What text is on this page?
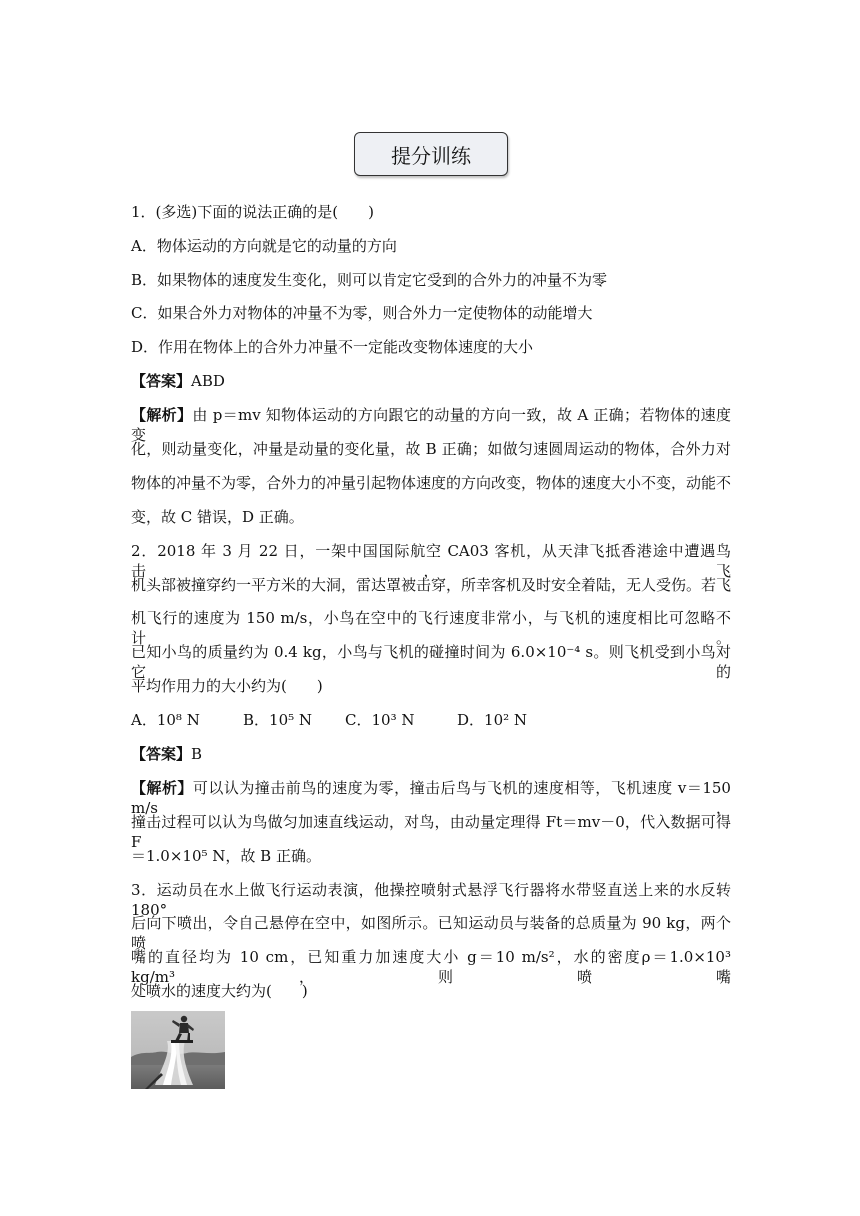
提分训练
1．(多选)下面的说法正确的是(　　)
A．物体运动的方向就是它的动量的方向
B．如果物体的速度发生变化，则可以肯定它受到的合外力的冲量不为零
C．如果合外力对物体的冲量不为零，则合外力一定使物体的动能增大
D．作用在物体上的合外力冲量不一定能改变物体速度的大小
【答案】ABD
【解析】由 p＝mv 知物体运动的方向跟它的动量的方向一致，故 A 正确；若物体的速度变
化，则动量变化，冲量是动量的变化量，故 B 正确；如做匀速圆周运动的物体，合外力对
物体的冲量不为零，合外力的冲量引起物体速度的方向改变，物体的速度大小不变，动能不
变，故 C 错误，D 正确。
2．2018 年 3 月 22 日，一架中国国际航空 CA03 客机，从天津飞抵香港途中遭遇鸟击，飞
机头部被撞穿约一平方米的大洞，雷达罩被击穿，所幸客机及时安全着陆，无人受伤。若飞
机飞行的速度为 150 m/s，小鸟在空中的飞行速度非常小，与飞机的速度相比可忽略不计。
已知小鸟的质量约为 0.4 kg，小鸟与飞机的碰撞时间为 6.0×10⁻⁴ s。则飞机受到小鸟对它的
平均作用力的大小约为(　　)
A．10⁸ N	B．10⁵ N C．10³ N	D．10² N
【答案】B
【解析】可以认为撞击前鸟的速度为零，撞击后鸟与飞机的速度相等，飞机速度 v＝150 m/s，
撞击过程可以认为鸟做匀加速直线运动，对鸟，由动量定理得 Ft＝mv－0，代入数据可得 F
＝1.0×10⁵ N，故 B 正确。
3．运动员在水上做飞行运动表演，他操控喷射式悬浮飞行器将水带竖直送上来的水反转 180°
后向下喷出，令自己悬停在空中，如图所示。已知运动员与装备的总质量为 90 kg，两个喷
嘴的直径均为 10 cm，已知重力加速度大小 g＝10 m/s²，水的密度ρ＝1.0×10³ kg/m³，则喷嘴
处喷水的速度大约为(　　)
